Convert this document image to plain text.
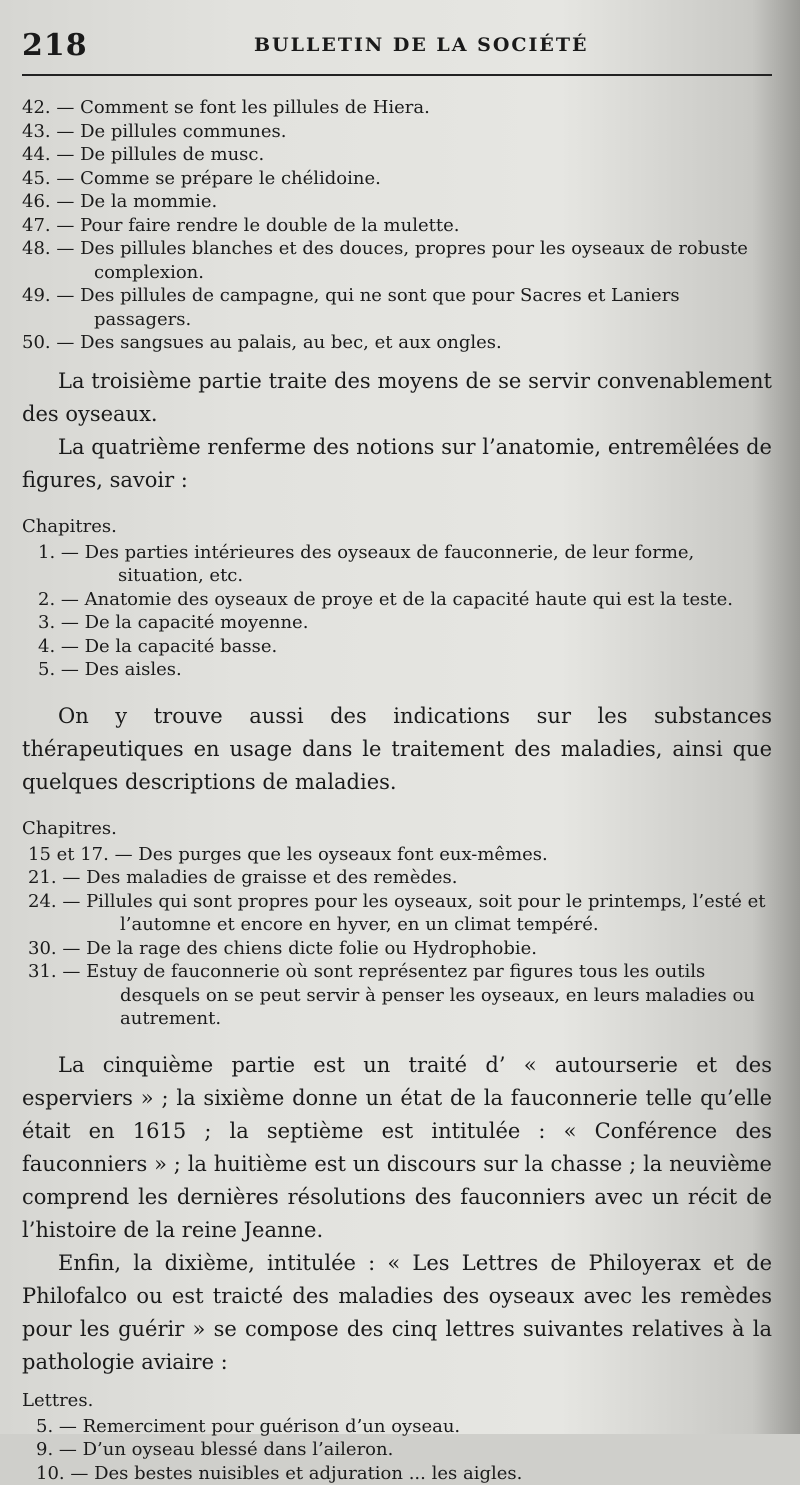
218	BULLETIN DE LA SOCIÉTÉ
42. — Comment se font les pillules de Hiera.
43. — De pillules communes.
44. — De pillules de musc.
45. — Comme se prépare le chélidoine.
46. — De la mommie.
47. — Pour faire rendre le double de la mulette.
48. — Des pillules blanches et des douces, propres pour les oyseaux de robuste complexion.
49. — Des pillules de campagne, qui ne sont que pour Sacres et Laniers passagers.
50. — Des sangsues au palais, au bec, et aux ongles.

La troisième partie traite des moyens de se servir convenablement des oyseaux.

La quatrième renferme des notions sur l’anatomie, entremêlées de figures, savoir :

Chapitres.

1. — Des parties intérieures des oyseaux de fauconnerie, de leur forme, situation, etc.
2. — Anatomie des oyseaux de proye et de la capacité haute qui est la teste.
3. — De la capacité moyenne.
4. — De la capacité basse.
5. — Des aisles.

On y trouve aussi des indications sur les substances thérapeutiques en usage dans le traitement des maladies, ainsi que quelques descriptions de maladies.

Chapitres.

15 et 17. — Des purges que les oyseaux font eux-mêmes.
21. — Des maladies de graisse et des remèdes.
24. — Pillules qui sont propres pour les oyseaux, soit pour le printemps, l’esté et l’automne et encore en hyver, en un climat tempéré.
30. — De la rage des chiens dicte folie ou Hydrophobie.
31. — Estuy de fauconnerie où sont représentez par figures tous les outils desquels on se peut servir à penser les oyseaux, en leurs maladies ou autrement.

La cinquième partie est un traité d’ « autourserie et des esperviers » ; la sixième donne un état de la fauconnerie telle qu’elle était en 1615 ; la septième est intitulée : « Conférence des fauconniers » ; la huitième est un discours sur la chasse ; la neuvième comprend les dernières résolutions des fauconniers avec un récit de l’histoire de la reine Jeanne.

Enfin, la dixième, intitulée : « Les Lettres de Philoyerax et de Philofalco ou est traicté des maladies des oyseaux avec les remèdes pour les guérir » se compose des cinq lettres suivantes relatives à la pathologie aviaire :

Lettres.

5. — Remerciment pour guérison d’un oyseau.
9. — D’un oyseau blessé dans l’aileron.
10. — Des bestes nuisibles et adjuration ... les aigles.
